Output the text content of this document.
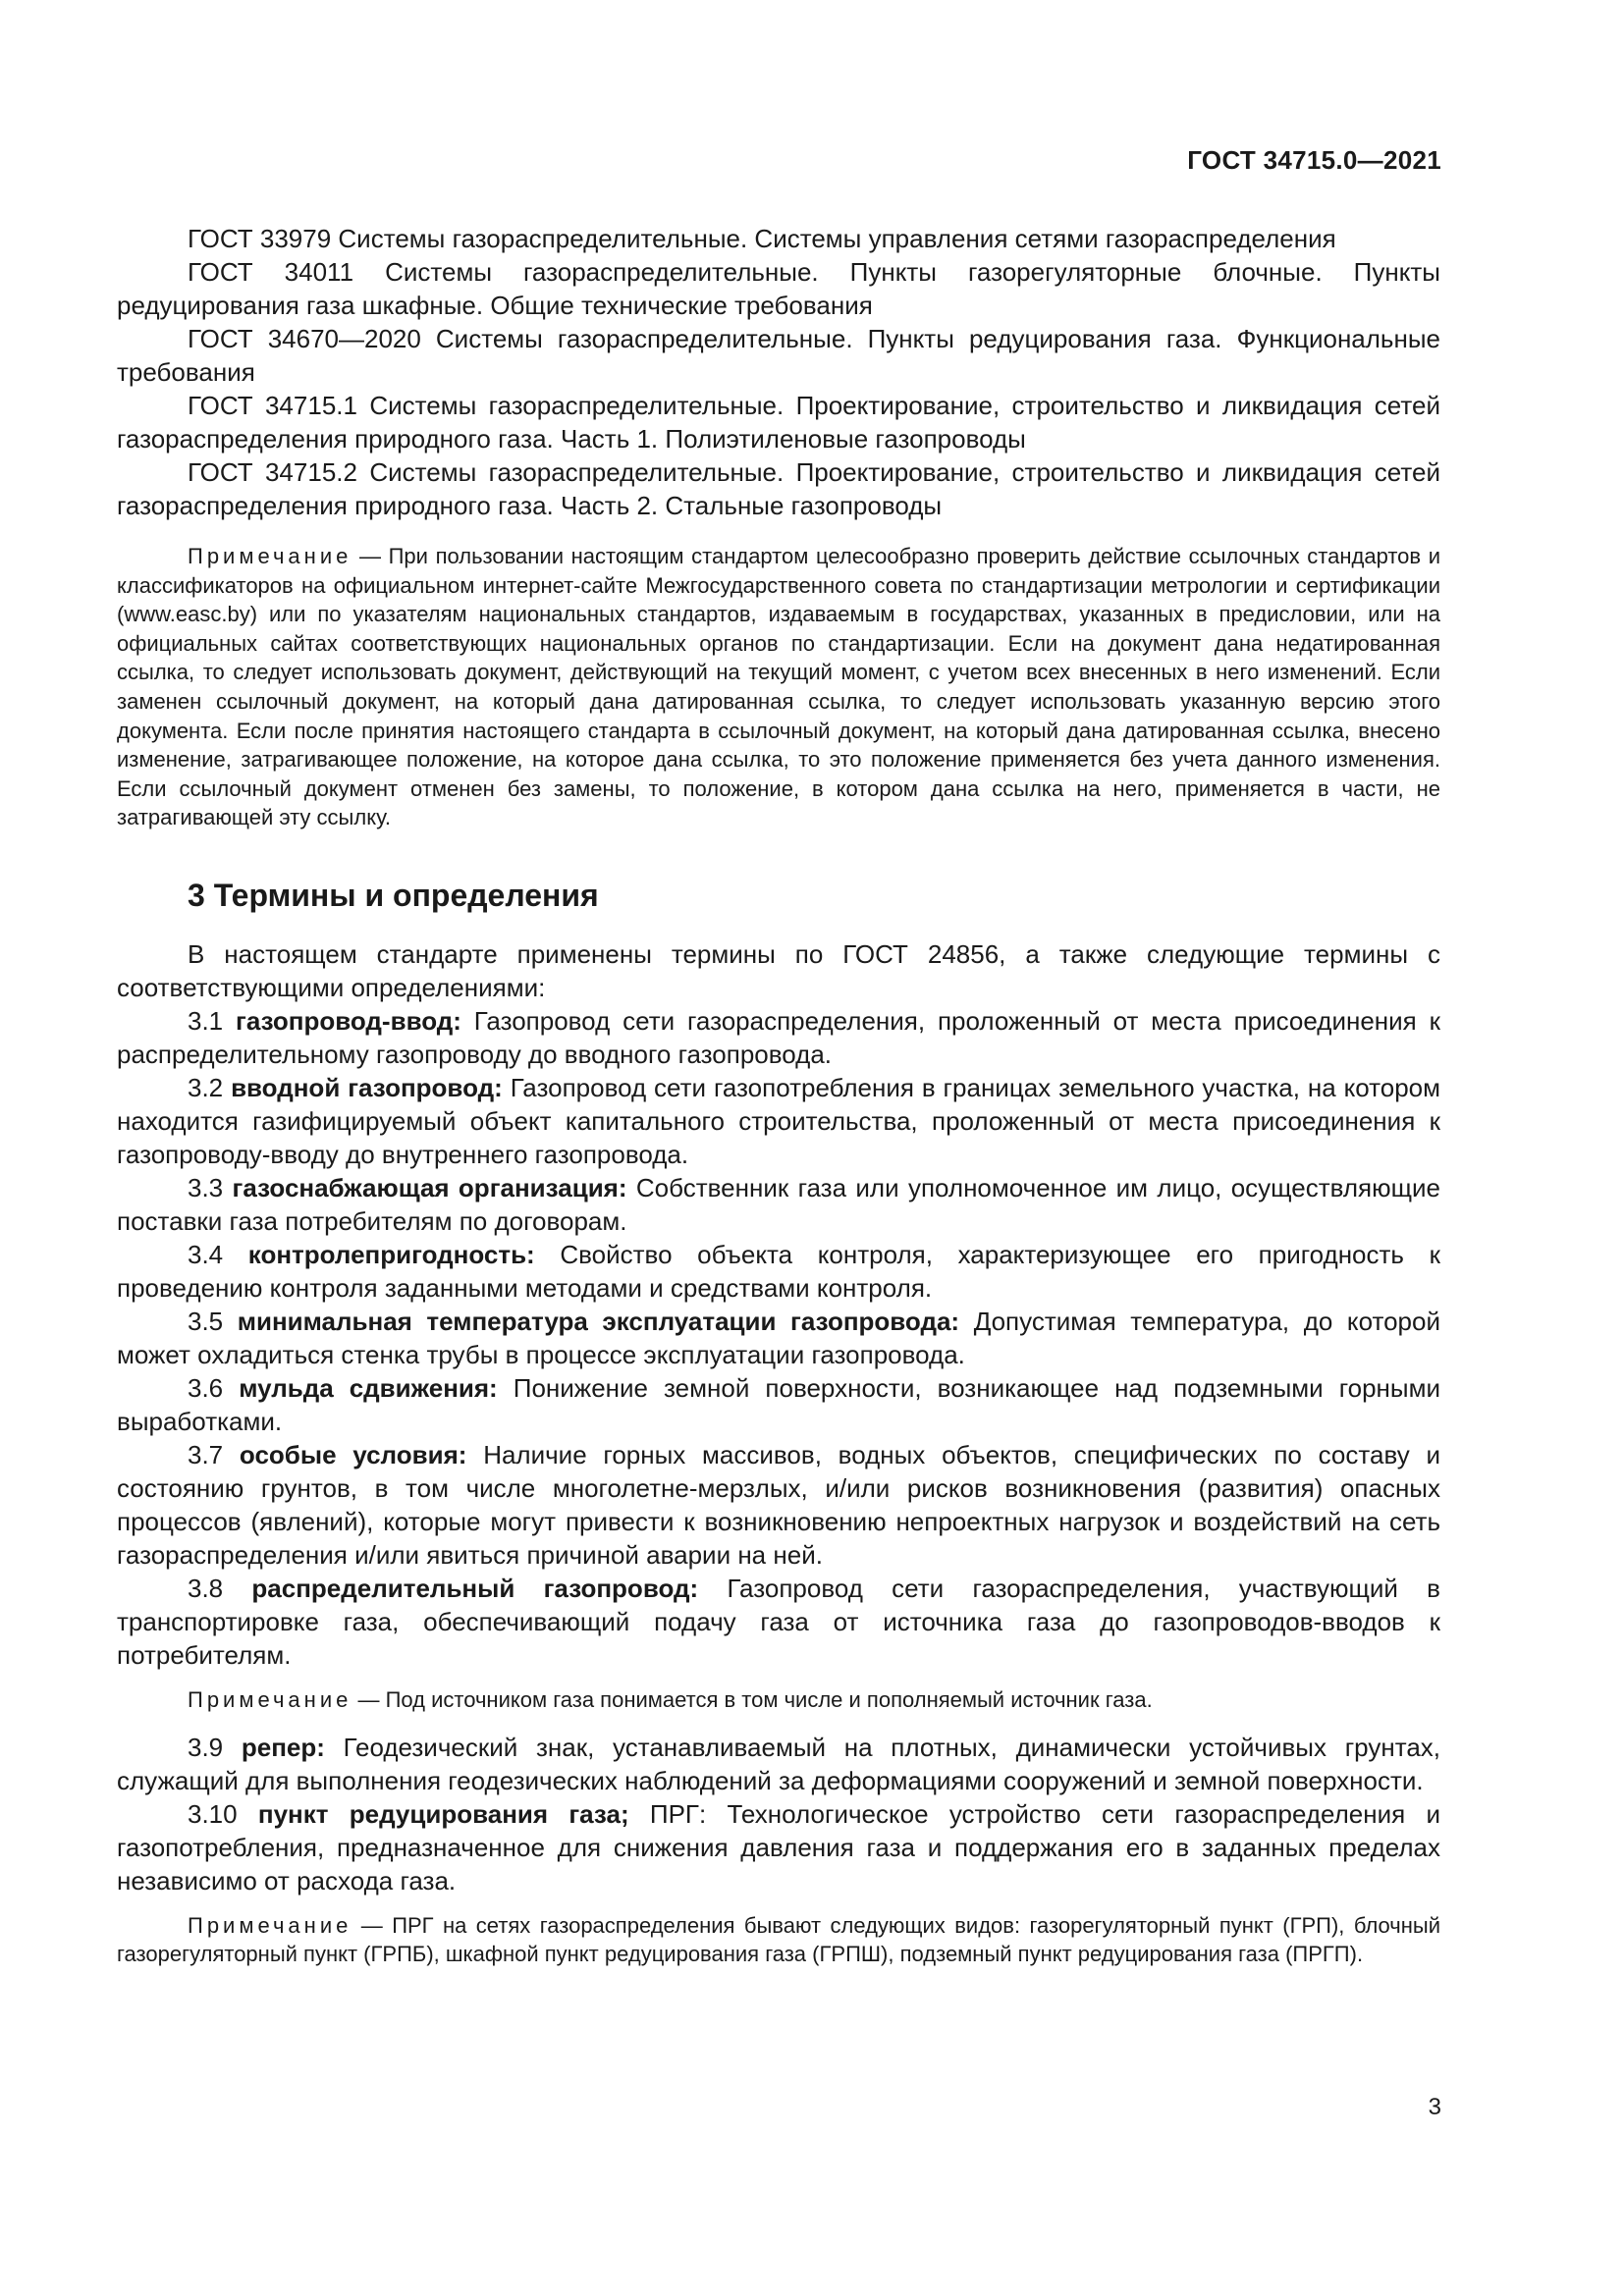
ГОСТ 34715.0—2021

ГОСТ 33979 Системы газораспределительные. Системы управления сетями газораспределения

ГОСТ 34011 Системы газораспределительные. Пункты газорегуляторные блочные. Пункты редуцирования газа шкафные. Общие технические требования

ГОСТ 34670—2020 Системы газораспределительные. Пункты редуцирования газа. Функциональные требования

ГОСТ 34715.1 Системы газораспределительные. Проектирование, строительство и ликвидация сетей газораспределения природного газа. Часть 1. Полиэтиленовые газопроводы

ГОСТ 34715.2 Системы газораспределительные. Проектирование, строительство и ликвидация сетей газораспределения природного газа. Часть 2. Стальные газопроводы

Примечание — При пользовании настоящим стандартом целесообразно проверить действие ссылочных стандартов и классификаторов на официальном интернет-сайте Межгосударственного совета по стандартизации метрологии и сертификации (www.easc.by) или по указателям национальных стандартов, издаваемым в государствах, указанных в предисловии, или на официальных сайтах соответствующих национальных органов по стандартизации. Если на документ дана недатированная ссылка, то следует использовать документ, действующий на текущий момент, с учетом всех внесенных в него изменений. Если заменен ссылочный документ, на который дана датированная ссылка, то следует использовать указанную версию этого документа. Если после принятия настоящего стандарта в ссылочный документ, на который дана датированная ссылка, внесено изменение, затрагивающее положение, на которое дана ссылка, то это положение применяется без учета данного изменения. Если ссылочный документ отменен без замены, то положение, в котором дана ссылка на него, применяется в части, не затрагивающей эту ссылку.

3 Термины и определения

В настоящем стандарте применены термины по ГОСТ 24856, а также следующие термины с соответствующими определениями:

3.1 газопровод-ввод: Газопровод сети газораспределения, проложенный от места присоединения к распределительному газопроводу до вводного газопровода.

3.2 вводной газопровод: Газопровод сети газопотребления в границах земельного участка, на котором находится газифицируемый объект капитального строительства, проложенный от места присоединения к газопроводу-вводу до внутреннего газопровода.

3.3 газоснабжающая организация: Собственник газа или уполномоченное им лицо, осуществляющие поставки газа потребителям по договорам.

3.4 контролепригодность: Свойство объекта контроля, характеризующее его пригодность к проведению контроля заданными методами и средствами контроля.

3.5 минимальная температура эксплуатации газопровода: Допустимая температура, до которой может охладиться стенка трубы в процессе эксплуатации газопровода.

3.6 мульда сдвижения: Понижение земной поверхности, возникающее над подземными горными выработками.

3.7 особые условия: Наличие горных массивов, водных объектов, специфических по составу и состоянию грунтов, в том числе многолетне-мерзлых, и/или рисков возникновения (развития) опасных процессов (явлений), которые могут привести к возникновению непроектных нагрузок и воздействий на сеть газораспределения и/или явиться причиной аварии на ней.

3.8 распределительный газопровод: Газопровод сети газораспределения, участвующий в транспортировке газа, обеспечивающий подачу газа от источника газа до газопроводов-вводов к потребителям.

Примечание — Под источником газа понимается в том числе и пополняемый источник газа.

3.9 репер: Геодезический знак, устанавливаемый на плотных, динамически устойчивых грунтах, служащий для выполнения геодезических наблюдений за деформациями сооружений и земной поверхности.

3.10 пункт редуцирования газа; ПРГ: Технологическое устройство сети газораспределения и газопотребления, предназначенное для снижения давления газа и поддержания его в заданных пределах независимо от расхода газа.

Примечание — ПРГ на сетях газораспределения бывают следующих видов: газорегуляторный пункт (ГРП), блочный газорегуляторный пункт (ГРПБ), шкафной пункт редуцирования газа (ГРПШ), подземный пункт редуцирования газа (ПРГП).

3
